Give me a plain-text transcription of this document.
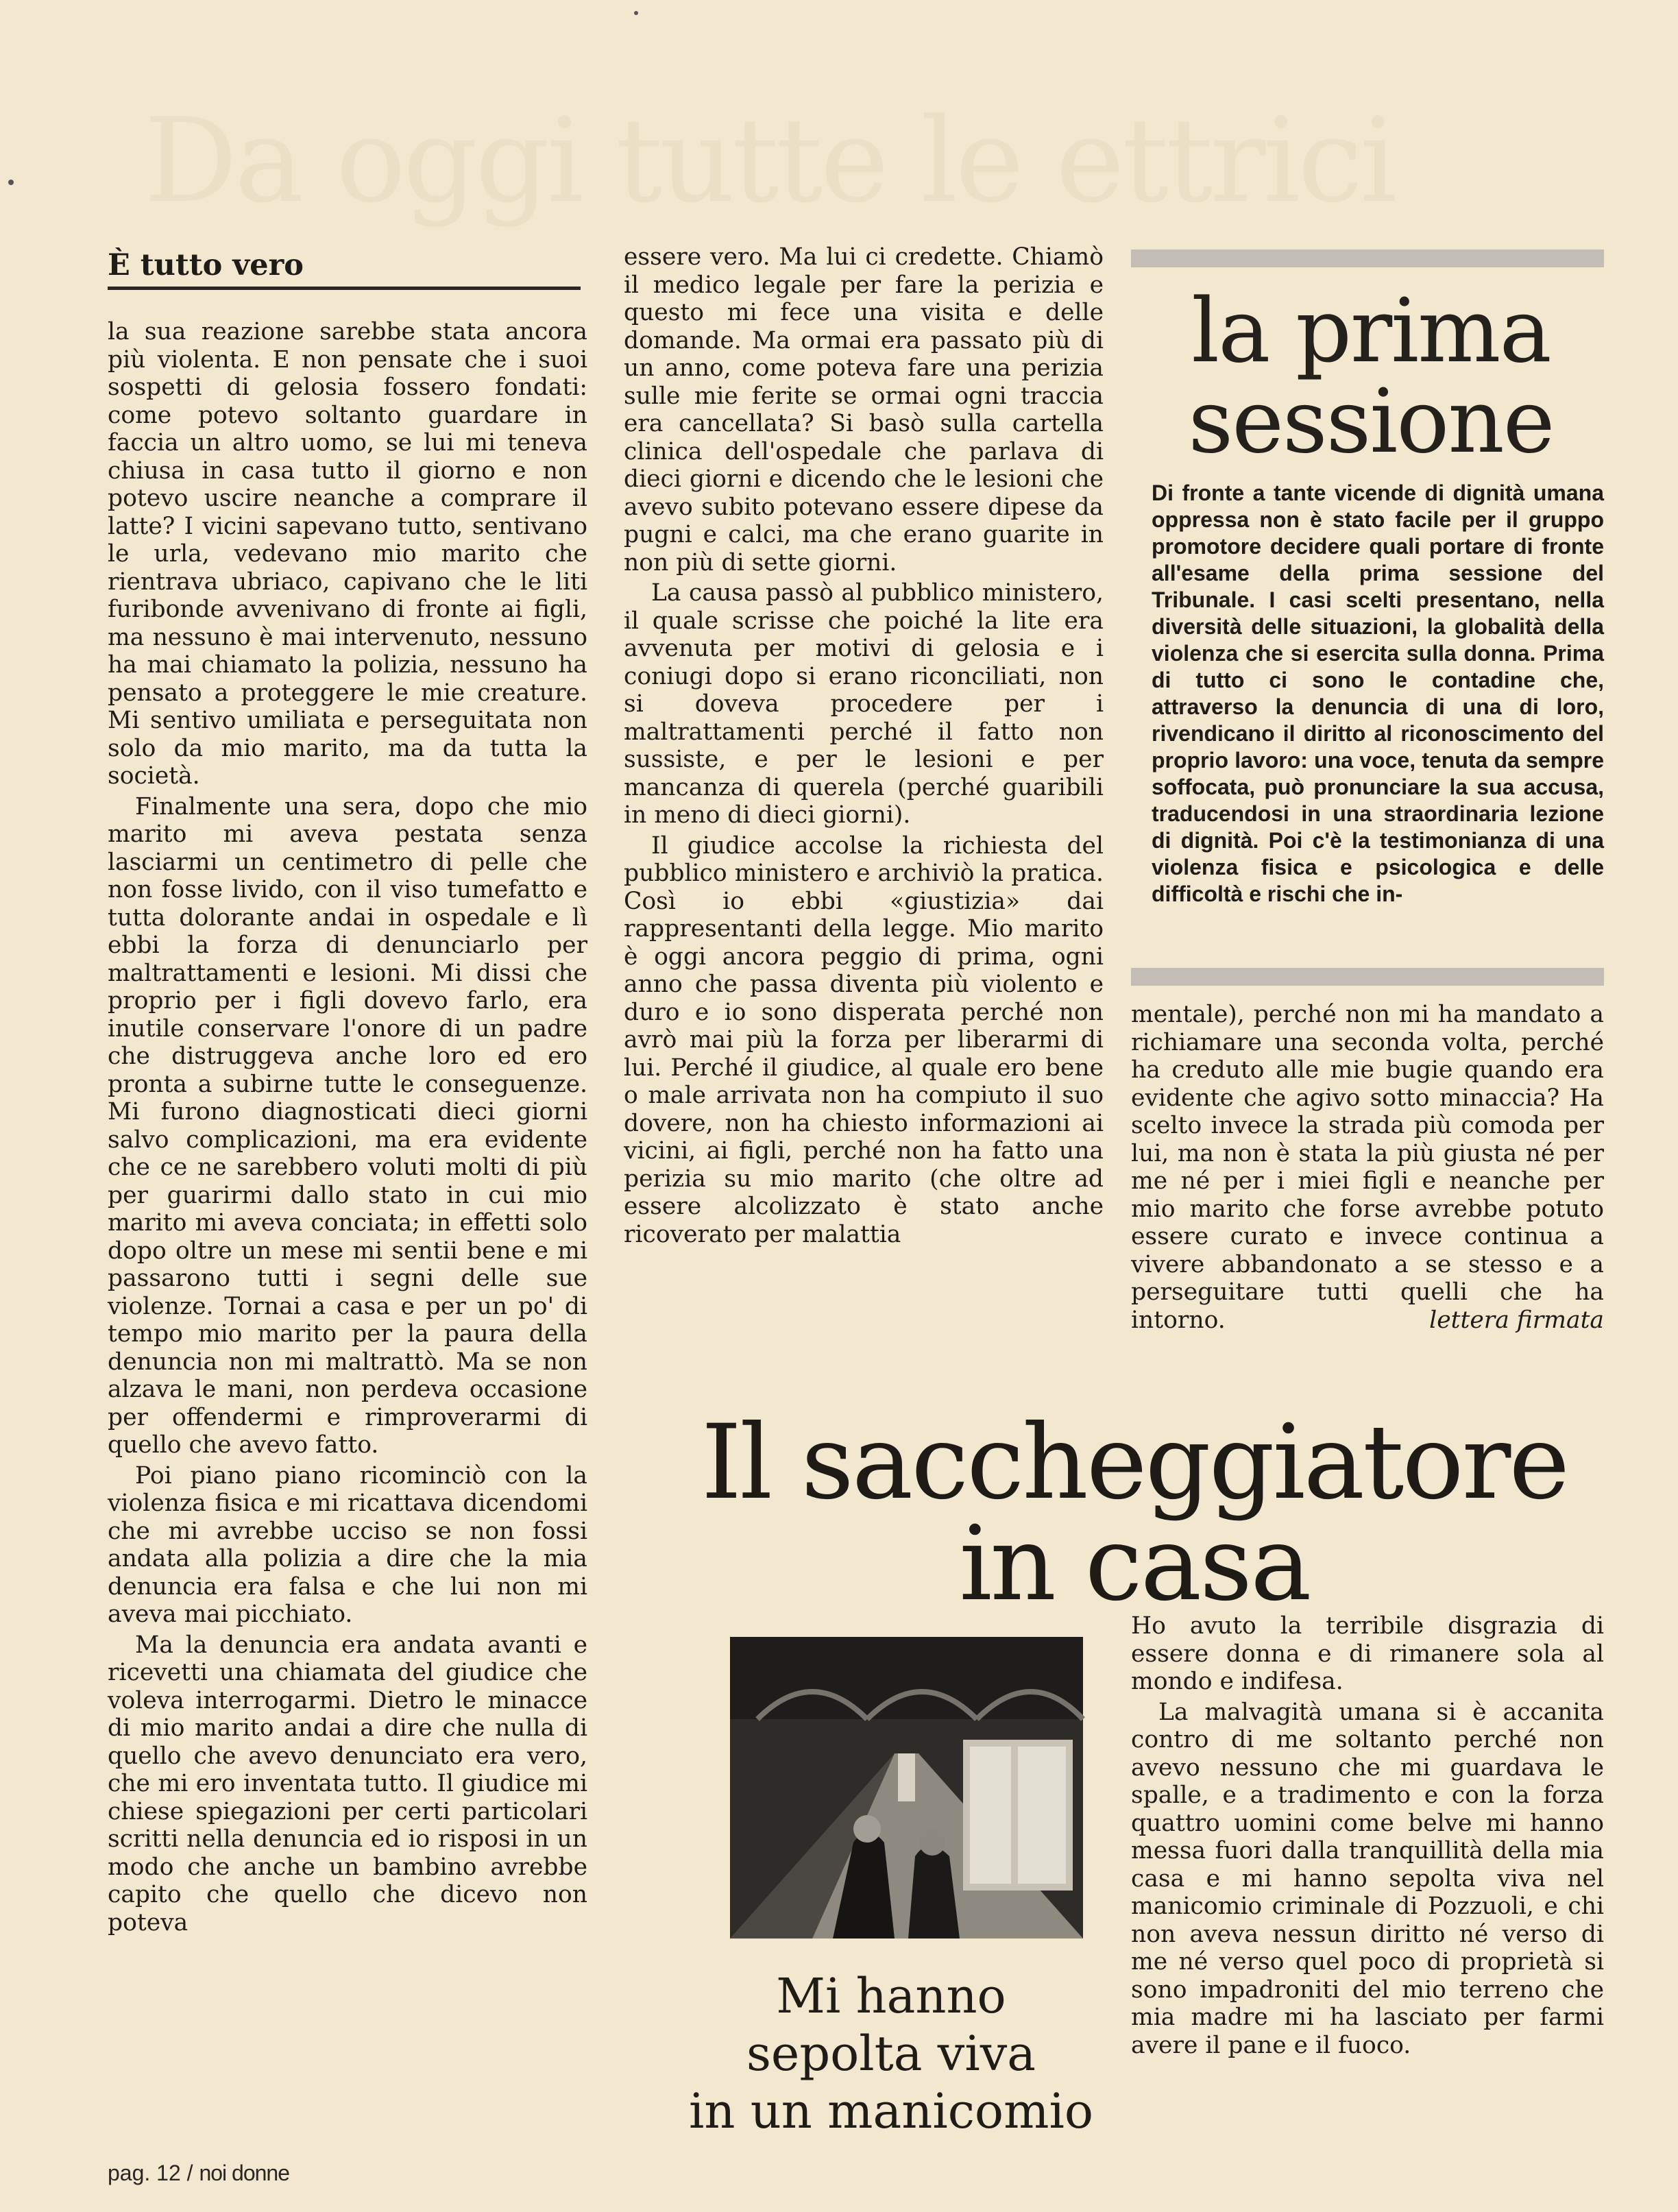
Da oggi tutte le ettrici
È tutto vero

la sua reazione sarebbe stata ancora più violenta. E non pensate che i suoi sospetti di gelosia fossero fondati: come potevo soltanto guardare in faccia un altro uomo, se lui mi teneva chiusa in casa tutto il giorno e non potevo uscire neanche a comprare il latte? I vicini sapevano tutto, sentivano le urla, vedevano mio marito che rientrava ubriaco, capivano che le liti furibonde avvenivano di fronte ai figli, ma nessuno è mai intervenuto, nessuno ha mai chiamato la polizia, nessuno ha pensato a proteggere le mie creature. Mi sentivo umiliata e perseguitata non solo da mio marito, ma da tutta la società.

Finalmente una sera, dopo che mio marito mi aveva pestata senza lasciarmi un centimetro di pelle che non fosse livido, con il viso tumefatto e tutta dolorante andai in ospedale e lì ebbi la forza di denunciarlo per maltrattamenti e lesioni. Mi dissi che proprio per i figli dovevo farlo, era inutile conservare l'onore di un padre che distruggeva anche loro ed ero pronta a subirne tutte le conseguenze. Mi furono diagnosticati dieci giorni salvo complicazioni, ma era evidente che ce ne sarebbero voluti molti di più per guarirmi dallo stato in cui mio marito mi aveva conciata; in effetti solo dopo oltre un mese mi sentii bene e mi passarono tutti i segni delle sue violenze. Tornai a casa e per un po' di tempo mio marito per la paura della denuncia non mi maltrattò. Ma se non alzava le mani, non perdeva occasione per offendermi e rimproverarmi di quello che avevo fatto.

Poi piano piano ricominciò con la violenza fisica e mi ricattava dicendomi che mi avrebbe ucciso se non fossi andata alla polizia a dire che la mia denuncia era falsa e che lui non mi aveva mai picchiato.

Ma la denuncia era andata avanti e ricevetti una chiamata del giudice che voleva interrogarmi. Dietro le minacce di mio marito andai a dire che nulla di quello che avevo denunciato era vero, che mi ero inventata tutto. Il giudice mi chiese spiegazioni per certi particolari scritti nella denuncia ed io risposi in un modo che anche un bambino avrebbe capito che quello che dicevo non poteva

essere vero. Ma lui ci credette. Chiamò il medico legale per fare la perizia e questo mi fece una visita e delle domande. Ma ormai era passato più di un anno, come poteva fare una perizia sulle mie ferite se ormai ogni traccia era cancellata? Si basò sulla cartella clinica dell'ospedale che parlava di dieci giorni e dicendo che le lesioni che avevo subito potevano essere dipese da pugni e calci, ma che erano guarite in non più di sette giorni.

La causa passò al pubblico ministero, il quale scrisse che poiché la lite era avvenuta per motivi di gelosia e i coniugi dopo si erano riconciliati, non si doveva procedere per i maltrattamenti perché il fatto non sussiste, e per le lesioni e per mancanza di querela (perché guaribili in meno di dieci giorni).

Il giudice accolse la richiesta del pubblico ministero e archiviò la pratica. Così io ebbi «giustizia» dai rappresentanti della legge. Mio marito è oggi ancora peggio di prima, ogni anno che passa diventa più violento e duro e io sono disperata perché non avrò mai più la forza per liberarmi di lui. Perché il giudice, al quale ero bene o male arrivata non ha compiuto il suo dovere, non ha chiesto informazioni ai vicini, ai figli, perché non ha fatto una perizia su mio marito (che oltre ad essere alcolizzato è stato anche ricoverato per malattia

la prima
sessione
Di fronte a tante vicende di dignità umana oppressa non è stato facile per il gruppo promotore decidere quali portare di fronte all'esame della prima sessione del Tribunale. I casi scelti presentano, nella diversità delle situazioni, la globalità della violenza che si esercita sulla donna. Prima di tutto ci sono le contadine che, attraverso la denuncia di una di loro, rivendicano il diritto al riconoscimento del proprio lavoro: una voce, tenuta da sempre soffocata, può pronunciare la sua accusa, traducendosi in una straordinaria lezione di dignità. Poi c'è la testimonianza di una violenza fisica e psicologica e delle difficoltà e rischi che in-

mentale), perché non mi ha mandato a richiamare una seconda volta, perché ha creduto alle mie bugie quando era evidente che agivo sotto minaccia? Ha scelto invece la strada più comoda per lui, ma non è stata la più giusta né per me né per i miei figli e neanche per mio marito che forse avrebbe potuto essere curato e invece continua a vivere abbandonato a se stesso e a perseguitare tutti quelli che ha intorno.	lettera firmata
Il saccheggiatore
in casa
Mi hanno
sepolta viva
in un manicomio

Ho avuto la terribile disgrazia di essere donna e di rimanere sola al mondo e indifesa.

La malvagità umana si è accanita contro di me soltanto perché non avevo nessuno che mi guardava le spalle, e a tradimento e con la forza quattro uomini come belve mi hanno messa fuori dalla tranquillità della mia casa e mi hanno sepolta viva nel manicomio criminale di Pozzuoli, e chi non aveva nessun diritto né verso di me né verso quel poco di proprietà si sono impadroniti del mio terreno che mia madre mi ha lasciato per farmi avere il pane e il fuoco.

pag. 12 / noi donne
